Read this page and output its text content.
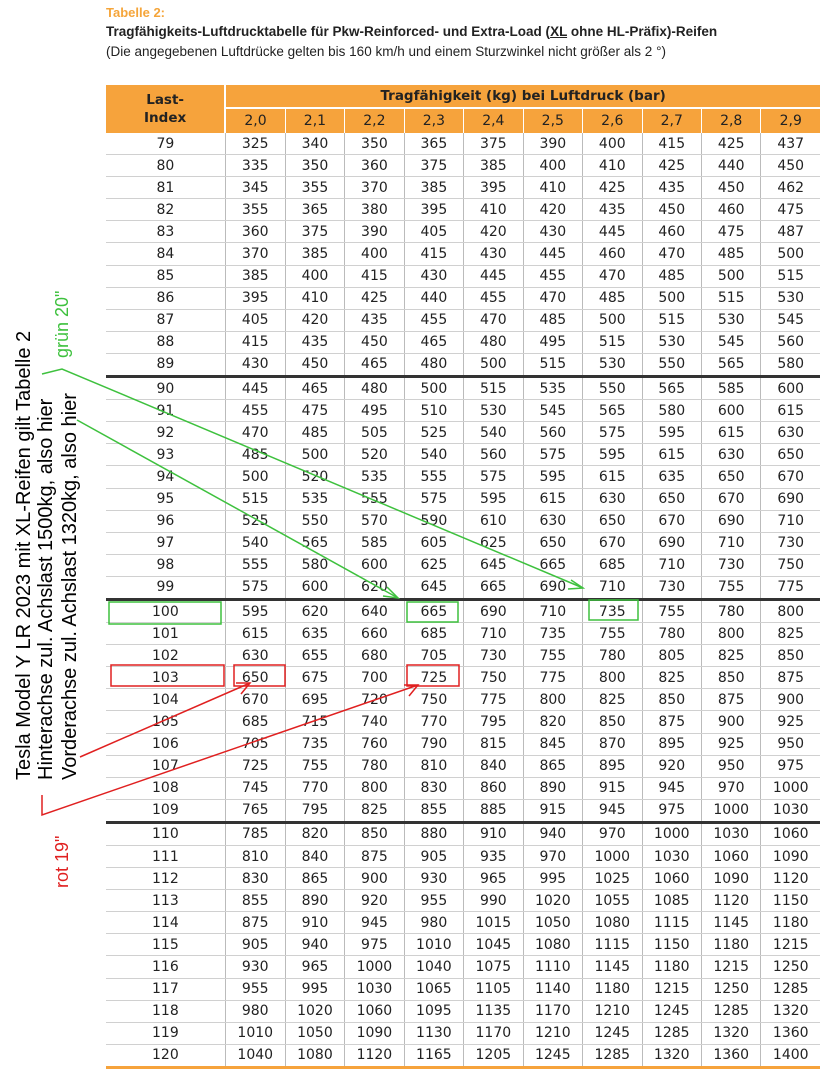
Tabelle 2:
Tragfähigkeits-Luftdrucktabelle für Pkw-Reinforced- und Extra-Load (XL ohne HL-Präfix)-Reifen
(Die angegebenen Luftdrücke gelten bis 160 km/h und einem Sturzwinkel nicht größer als 2 °)
Last-
Index	Tragfähigkeit (kg) bei Luftdruck (bar)									
	2,0	2,1	2,2	2,3	2,4	2,5	2,6	2,7	2,8	2,9
79	325	340	350	365	375	390	400	415	425	437
80	335	350	360	375	385	400	410	425	440	450
81	345	355	370	385	395	410	425	435	450	462
82	355	365	380	395	410	420	435	450	460	475
83	360	375	390	405	420	430	445	460	475	487
84	370	385	400	415	430	445	460	470	485	500
85	385	400	415	430	445	455	470	485	500	515
86	395	410	425	440	455	470	485	500	515	530
87	405	420	435	455	470	485	500	515	530	545
88	415	435	450	465	480	495	515	530	545	560
89	430	450	465	480	500	515	530	550	565	580
90	445	465	480	500	515	535	550	565	585	600
91	455	475	495	510	530	545	565	580	600	615
92	470	485	505	525	540	560	575	595	615	630
93	485	500	520	540	560	575	595	615	630	650
94	500	520	535	555	575	595	615	635	650	670
95	515	535	555	575	595	615	630	650	670	690
96	525	550	570	590	610	630	650	670	690	710
97	540	565	585	605	625	650	670	690	710	730
98	555	580	600	625	645	665	685	710	730	750
99	575	600	620	645	665	690	710	730	755	775
100	595	620	640	665	690	710	735	755	780	800
101	615	635	660	685	710	735	755	780	800	825
102	630	655	680	705	730	755	780	805	825	850
103	650	675	700	725	750	775	800	825	850	875
104	670	695	720	750	775	800	825	850	875	900
105	685	715	740	770	795	820	850	875	900	925
106	705	735	760	790	815	845	870	895	925	950
107	725	755	780	810	840	865	895	920	950	975
108	745	770	800	830	860	890	915	945	970	1000
109	765	795	825	855	885	915	945	975	1000	1030
110	785	820	850	880	910	940	970	1000	1030	1060
111	810	840	875	905	935	970	1000	1030	1060	1090
112	830	865	900	930	965	995	1025	1060	1090	1120
113	855	890	920	955	990	1020	1055	1085	1120	1150
114	875	910	945	980	1015	1050	1080	1115	1145	1180
115	905	940	975	1010	1045	1080	1115	1150	1180	1215
116	930	965	1000	1040	1075	1110	1145	1180	1215	1250
117	955	995	1030	1065	1105	1140	1180	1215	1250	1285
118	980	1020	1060	1095	1135	1170	1210	1245	1285	1320
119	1010	1050	1090	1130	1170	1210	1245	1285	1320	1360
120	1040	1080	1120	1165	1205	1245	1285	1320	1360	1400
Tesla Model Y LR 2023 mit XL-Reifen gilt Tabelle 2 Hinterachse zul. Achslast 1500kg, also hier Vorderachse zul. Achslast 1320kg, also hier
grün 20"
rot 19"
